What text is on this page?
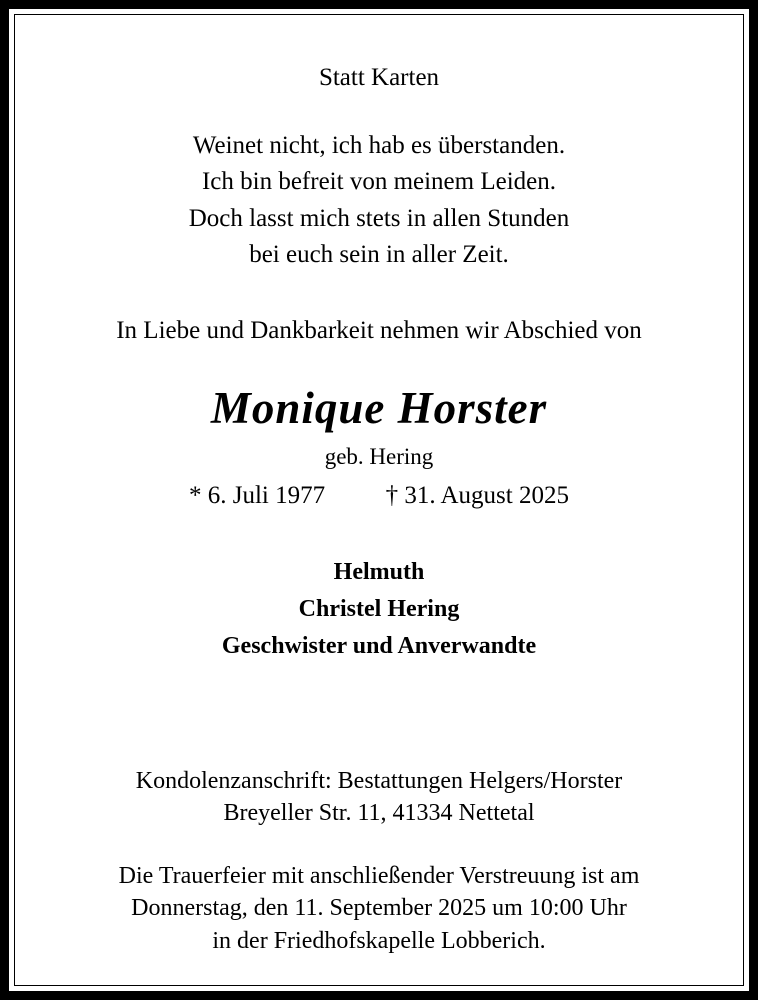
Statt Karten
Weinet nicht, ich hab es überstanden.
Ich bin befreit von meinem Leiden.
Doch lasst mich stets in allen Stunden
bei euch sein in aller Zeit.
In Liebe und Dankbarkeit nehmen wir Abschied von
Monique Horster
geb. Hering
* 6. Juli 1977 † 31. August 2025
Helmuth
Christel Hering
Geschwister und Anverwandte
Kondolenzanschrift: Bestattungen Helgers/Horster
Breyeller Str. 11, 41334 Nettetal
Die Trauerfeier mit anschließender Verstreuung ist am
Donnerstag, den 11. September 2025 um 10:00 Uhr
in der Friedhofskapelle Lobberich.
